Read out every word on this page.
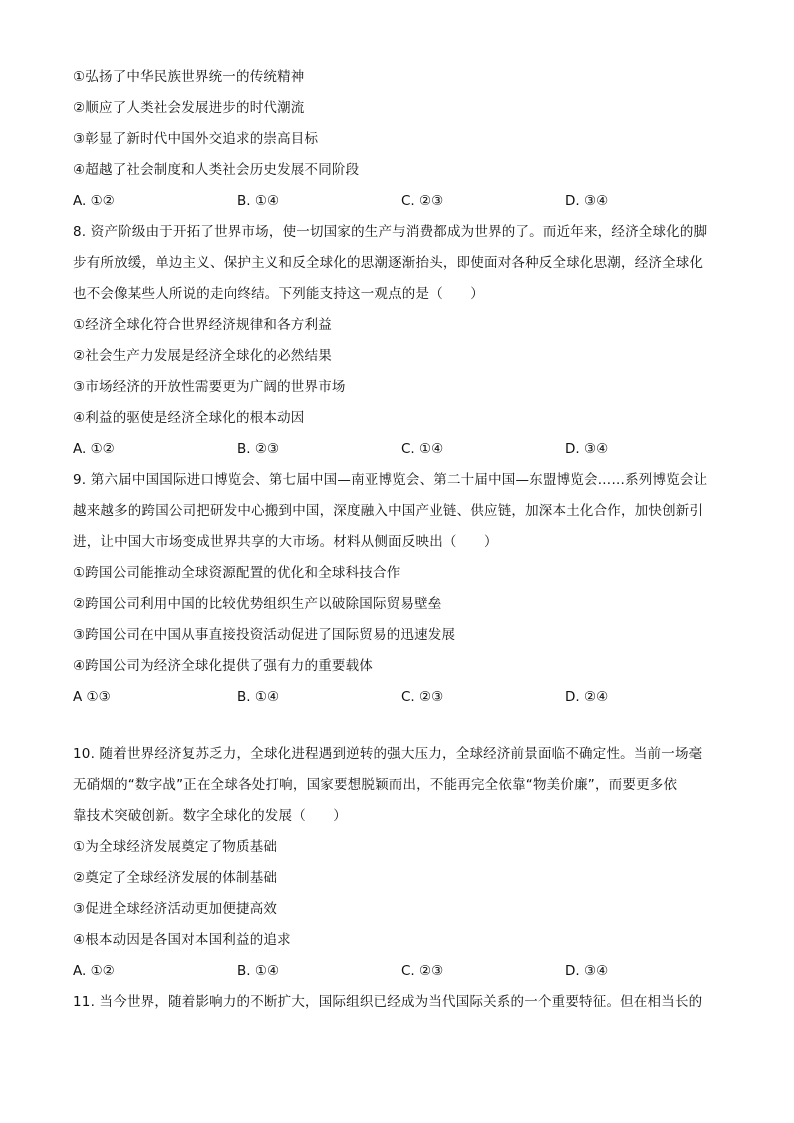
①弘扬了中华民族世界统一的传统精神
②顺应了人类社会发展进步的时代潮流
③彰显了新时代中国外交追求的崇高目标
④超越了社会制度和人类社会历史发展不同阶段
A. ①②	B. ①④	C. ②③	D. ③④
8. 资产阶级由于开拓了世界市场，使一切国家的生产与消费都成为世界的了。而近年来，经济全球化的脚
步有所放缓，单边主义、保护主义和反全球化的思潮逐渐抬头，即使面对各种反全球化思潮，经济全球化
也不会像某些人所说的走向终结。下列能支持这一观点的是（　　）
①经济全球化符合世界经济规律和各方利益
②社会生产力发展是经济全球化的必然结果
③市场经济的开放性需要更为广阔的世界市场
④利益的驱使是经济全球化的根本动因
A. ①②	B. ②③	C. ①④	D. ③④
9. 第六届中国国际进口博览会、第七届中国—南亚博览会、第二十届中国—东盟博览会……系列博览会让
越来越多的跨国公司把研发中心搬到中国，深度融入中国产业链、供应链，加深本土化合作，加快创新引
进，让中国大市场变成世界共享的大市场。材料从侧面反映出（　　）
①跨国公司能推动全球资源配置的优化和全球科技合作
②跨国公司利用中国的比较优势组织生产以破除国际贸易壁垒
③跨国公司在中国从事直接投资活动促进了国际贸易的迅速发展
④跨国公司为经济全球化提供了强有力的重要载体
A ①③	B. ①④	C. ②③	D. ②④
10. 随着世界经济复苏乏力，全球化进程遇到逆转的强大压力，全球经济前景面临不确定性。当前一场毫
无硝烟的“数字战”正在全球各处打响，国家要想脱颖而出，不能再完全依靠“物美价廉”，而要更多依
靠技术突破创新。数字全球化的发展（　　）
①为全球经济发展奠定了物质基础
②奠定了全球经济发展的体制基础
③促进全球经济活动更加便捷高效
④根本动因是各国对本国利益的追求
A. ①②	B. ①④	C. ②③	D. ③④
11. 当今世界，随着影响力的不断扩大，国际组织已经成为当代国际关系的一个重要特征。但在相当长的
